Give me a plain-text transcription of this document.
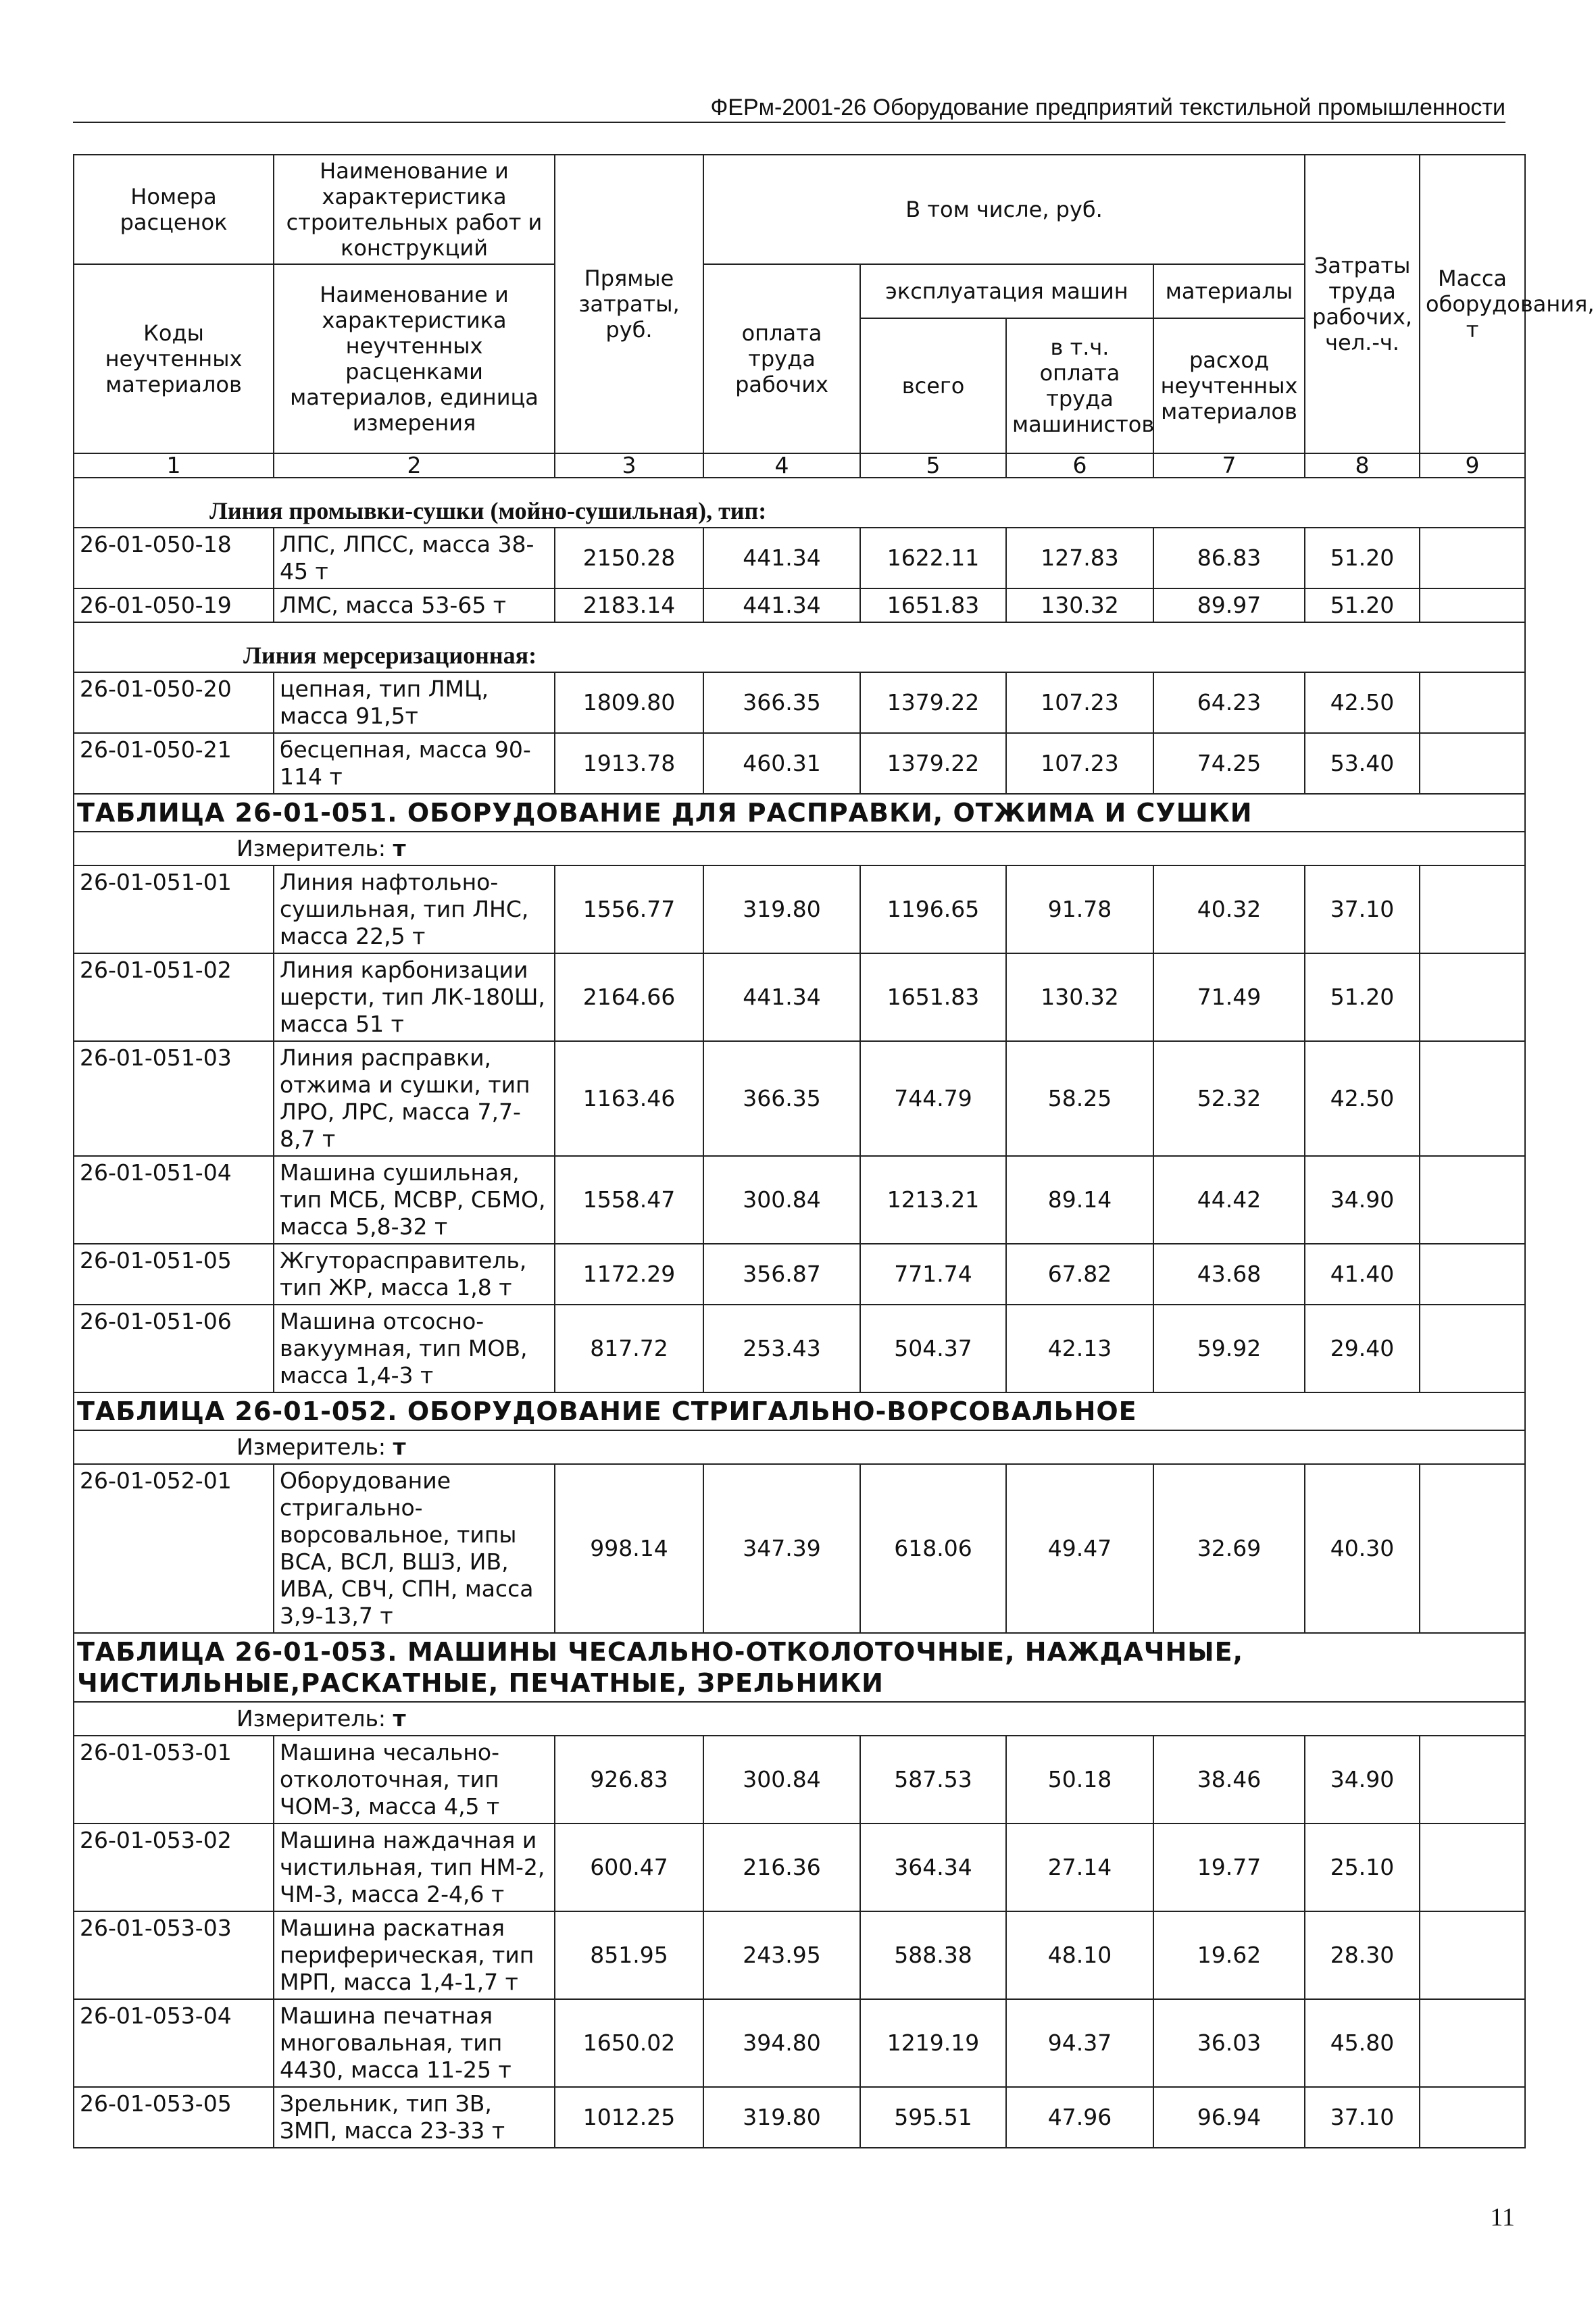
ФЕРм-2001-26 Оборудование предприятий текстильной промышленности
Номера расценок	Наименование и характеристика строительных работ и конструкций	Прямые затраты, руб.	В том числе, руб.				Затраты труда рабочих, чел.-ч.	Масса оборудования, т
Коды неучтенных материалов	Наименование и характеристика неучтенных расценками материалов, единица измерения		оплата труда рабочих	эксплуатация машин		материалы		
				всего	в т.ч. оплата труда машинистов	расход неучтенных материалов		

1	2	3	4	5	6	7	8	9
Линия промывки-сушки (мойно-сушильная), тип:								
26-01-050-18	ЛПС, ЛПСС, масса 38-45 т	2150.28	441.34	1622.11	127.83	86.83	51.20	
26-01-050-19	ЛМС, масса 53-65 т	2183.14	441.34	1651.83	130.32	89.97	51.20	
Линия мерсеризационная:								
26-01-050-20	цепная, тип ЛМЦ, масса 91,5т	1809.80	366.35	1379.22	107.23	64.23	42.50	
26-01-050-21	бесцепная, масса 90-114 т	1913.78	460.31	1379.22	107.23	74.25	53.40	
ТАБЛИЦА 26-01-051. ОБОРУДОВАНИЕ ДЛЯ РАСПРАВКИ, ОТЖИМА И СУШКИ								
Измеритель: т								
26-01-051-01	Линия нафтольно-сушильная, тип ЛНС, масса 22,5 т	1556.77	319.80	1196.65	91.78	40.32	37.10	
26-01-051-02	Линия карбонизации шерсти, тип ЛК-180Ш, масса 51 т	2164.66	441.34	1651.83	130.32	71.49	51.20	
26-01-051-03	Линия расправки, отжима и сушки, тип ЛРО, ЛРС, масса 7,7-8,7 т	1163.46	366.35	744.79	58.25	52.32	42.50	
26-01-051-04	Машина сушильная, тип МСБ, МСВР, СБМО, масса 5,8-32 т	1558.47	300.84	1213.21	89.14	44.42	34.90	
26-01-051-05	Жгуторасправитель, тип ЖР, масса 1,8 т	1172.29	356.87	771.74	67.82	43.68	41.40	
26-01-051-06	Машина отсосно-вакуумная, тип МОВ, масса 1,4-3 т	817.72	253.43	504.37	42.13	59.92	29.40	
ТАБЛИЦА 26-01-052. ОБОРУДОВАНИЕ СТРИГАЛЬНО-ВОРСОВАЛЬНОЕ								
Измеритель: т								
26-01-052-01	Оборудование стригально-ворсовальное, типы ВСА, ВСЛ, ВШЗ, ИВ, ИВА, СВЧ, СПН, масса 3,9-13,7 т	998.14	347.39	618.06	49.47	32.69	40.30	
ТАБЛИЦА 26-01-053. МАШИНЫ ЧЕСАЛЬНО-ОТКОЛОТОЧНЫЕ, НАЖДАЧНЫЕ, ЧИСТИЛЬНЫЕ,РАСКАТНЫЕ, ПЕЧАТНЫЕ, ЗРЕЛЬНИКИ								
Измеритель: т								
26-01-053-01	Машина чесально-отколоточная, тип ЧОМ-3, масса 4,5 т	926.83	300.84	587.53	50.18	38.46	34.90	
26-01-053-02	Машина наждачная и чистильная, тип НМ-2, ЧМ-3, масса 2-4,6 т	600.47	216.36	364.34	27.14	19.77	25.10	
26-01-053-03	Машина раскатная периферическая, тип МРП, масса 1,4-1,7 т	851.95	243.95	588.38	48.10	19.62	28.30	
26-01-053-04	Машина печатная многовальная, тип 4430, масса 11-25 т	1650.02	394.80	1219.19	94.37	36.03	45.80	
26-01-053-05	Зрельник, тип ЗВ, ЗМП, масса 23-33 т	1012.25	319.80	595.51	47.96	96.94	37.10	
11
